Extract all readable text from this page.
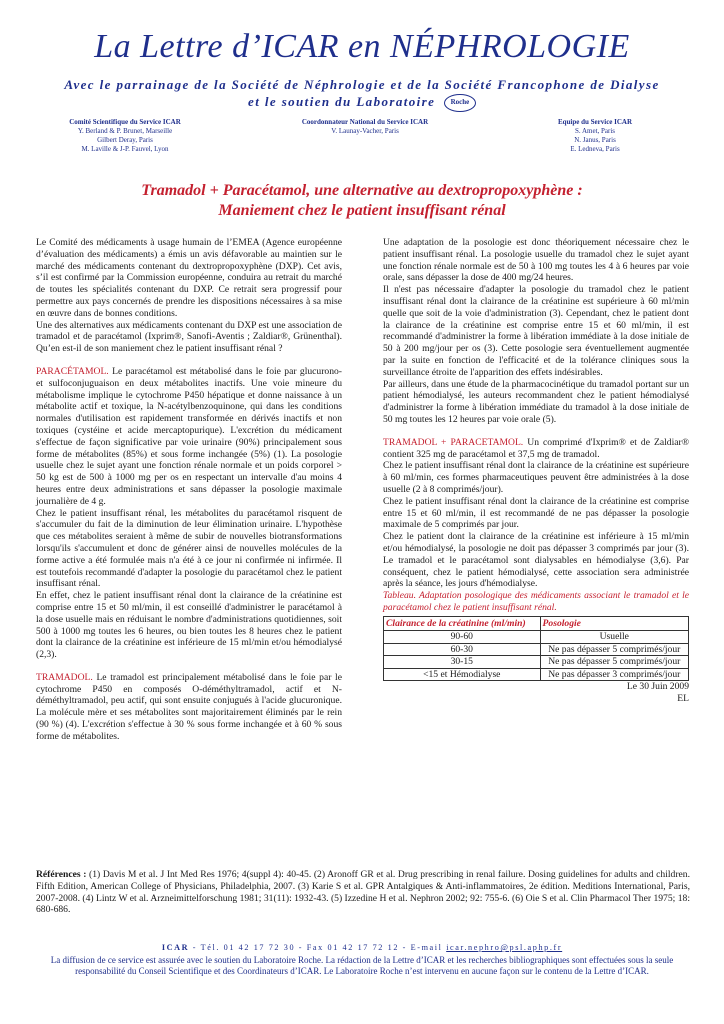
La Lettre d’ICAR en NÉPHROLOGIE
Avec le parrainage de la Société de Néphrologie et de la Société Francophone de Dialyse
et le soutien du Laboratoire Roche
Comité Scientifique du Service ICAR
Y. Berland & P. Brunet, Marseille
Gilbert Deray, Paris
M. Laville & J-P. Fauvel, Lyon
Coordonnateur National du Service ICAR
V. Launay-Vacher, Paris
Equipe du Service ICAR
S. Amet, Paris
N. Janus, Paris
E. Ledneva, Paris
Tramadol + Paracétamol, une alternative au dextropropoxyphène :
Maniement chez le patient insuffisant rénal

Le Comité des médicaments à usage humain de l’EMEA (Agence européenne d’évaluation des médicaments) a émis un avis défavorable au maintien sur le marché des médicaments contenant du dextropropoxyphène (DXP). Cet avis, s’il est confirmé par la Commission européenne, conduira au retrait du marché de toutes les spécialités contenant du DXP. Ce retrait sera progressif pour permettre aux pays concernés de prendre les dispositions nécessaires à sa mise en œuvre dans de bonnes conditions.

Une des alternatives aux médicaments contenant du DXP est une association de tramadol et de paracétamol (Ixprim®, Sanofi-Aventis ; Zaldiar®, Grünenthal). Qu’en est-il de son maniement chez le patient insuffisant rénal ?

PARACÉTAMOL. Le paracétamol est métabolisé dans le foie par glucurono- et sulfoconjuguaison en deux métabolites inactifs. Une voie mineure du métabolisme implique le cytochrome P450 hépatique et donne naissance à un métabolite actif et toxique, la N-acétylbenzoquinone, qui dans les conditions normales d'utilisation est rapidement transformée en dérivés inactifs et non toxiques (cystéine et acide mercaptopurique). L'excrétion du médicament s'effectue de façon significative par voie urinaire (90%) principalement sous forme de métabolites (85%) et sous forme inchangée (5%) (1). La posologie usuelle chez le sujet ayant une fonction rénale normale et un poids corporel > 50 kg est de 500 à 1000 mg per os en respectant un intervalle d'au moins 4 heures entre deux administrations et sans dépasser la posologie maximale journalière de 4 g.

Chez le patient insuffisant rénal, les métabolites du paracétamol risquent de s'accumuler du fait de la diminution de leur élimination urinaire. L'hypothèse que ces métabolites seraient à même de subir de nouvelles biotransformations lorsqu'ils s'accumulent et donc de générer ainsi de nouvelles molécules de la forme active a été formulée mais n'a été à ce jour ni confirmée ni infirmée. Il est toutefois recommandé d'adapter la posologie du paracétamol chez le patient insuffisant rénal.

En effet, chez le patient insuffisant rénal dont la clairance de la créatinine est comprise entre 15 et 50 ml/min, il est conseillé d'administrer le paracétamol à la dose usuelle mais en réduisant le nombre d'administrations quotidiennes, soit 500 à 1000 mg toutes les 6 heures, ou bien toutes les 8 heures chez le patient dont la clairance de la créatinine est inférieure de 15 ml/min et/ou hémodialysé (2,3).

TRAMADOL. Le tramadol est principalement métabolisé dans le foie par le cytochrome P450 en composés O-déméthyltramadol, actif et N-déméthyltramadol, peu actif, qui sont ensuite conjugués à l'acide glucuronique. La molécule mère et ses métabolites sont majoritairement éliminés par le rein (90 %) (4). L'excrétion s'effectue à 30 % sous forme inchangée et à 60 % sous forme de métabolites.

Une adaptation de la posologie est donc théoriquement nécessaire chez le patient insuffisant rénal. La posologie usuelle du tramadol chez le sujet ayant une fonction rénale normale est de 50 à 100 mg toutes les 4 à 6 heures par voie orale, sans dépasser la dose de 400 mg/24 heures.

Il n'est pas nécessaire d'adapter la posologie du tramadol chez le patient insuffisant rénal dont la clairance de la créatinine est supérieure à 60 ml/min quelle que soit de la voie d'administration (3). Cependant, chez le patient dont la clairance de la créatinine est comprise entre 15 et 60 ml/min, il est recommandé d'administrer la forme à libération immédiate à la dose initiale de 50 à 200 mg/jour per os (3). Cette posologie sera éventuellement augmentée par la suite en fonction de l'efficacité et de la tolérance cliniques sous la surveillance étroite de l'apparition des effets indésirables.

Par ailleurs, dans une étude de la pharmacocinétique du tramadol portant sur un patient hémodialysé, les auteurs recommandent chez le patient hémodialysé d'administrer la forme à libération immédiate du tramadol à la dose initiale de 50 mg toutes les 12 heures par voie orale (5).

TRAMADOL + PARACETAMOL. Un comprimé d'Ixprim® et de Zaldiar® contient 325 mg de paracétamol et 37,5 mg de tramadol.

Chez le patient insuffisant rénal dont la clairance de la créatinine est supérieure à 60 ml/min, ces formes pharmaceutiques peuvent être administrées à la dose usuelle (2 à 8 comprimés/jour).

Chez le patient insuffisant rénal dont la clairance de la créatinine est comprise entre 15 et 60 ml/min, il est recommandé de ne pas dépasser la posologie maximale de 5 comprimés par jour.

Chez le patient dont la clairance de la créatinine est inférieure à 15 ml/min et/ou hémodialysé, la posologie ne doit pas dépasser 3 comprimés par jour (3). Le tramadol et le paracétamol sont dialysables en hémodialyse (3,6). Par conséquent, chez le patient hémodialysé, cette association sera administrée après la séance, les jours d'hémodialyse.

Tableau. Adaptation posologique des médicaments associant le tramadol et le paracétamol chez le patient insuffisant rénal.

Clairance de la créatinine (ml/min)	Posologie
90-60	Usuelle
60-30	Ne pas dépasser 5 comprimés/jour
30-15	Ne pas dépasser 5 comprimés/jour
<15 et Hémodialyse	Ne pas dépasser 3 comprimés/jour

Le 30 Juin 2009

EL

Références : (1) Davis M et al. J Int Med Res 1976; 4(suppl 4): 40-45. (2) Aronoff GR et al. Drug prescribing in renal failure. Dosing guidelines for adults and children. Fifth Edition, American College of Physicians, Philadelphia, 2007. (3) Karie S et al. GPR Antalgiques & Anti-inflammatoires, 2e édition. Meditions International, Paris, 2007-2008. (4) Lintz W et al. Arzneimittelforschung 1981; 31(11): 1932-43. (5) Izzedine H et al. Nephron 2002; 92: 755-6. (6) Oie S et al. Clin Pharmacol Ther 1975; 18: 680-686.
ICAR - Tél. 01 42 17 72 30 - Fax 01 42 17 72 12 - E-mail icar.nephro@psl.aphp.fr
La diffusion de ce service est assurée avec le soutien du Laboratoire Roche. La rédaction de la Lettre d’ICAR et les recherches bibliographiques sont effectuées sous la seule responsabilité du Conseil Scientifique et des Coordinateurs d’ICAR. Le Laboratoire Roche n’est intervenu en aucune façon sur le contenu de la Lettre d’ICAR.
